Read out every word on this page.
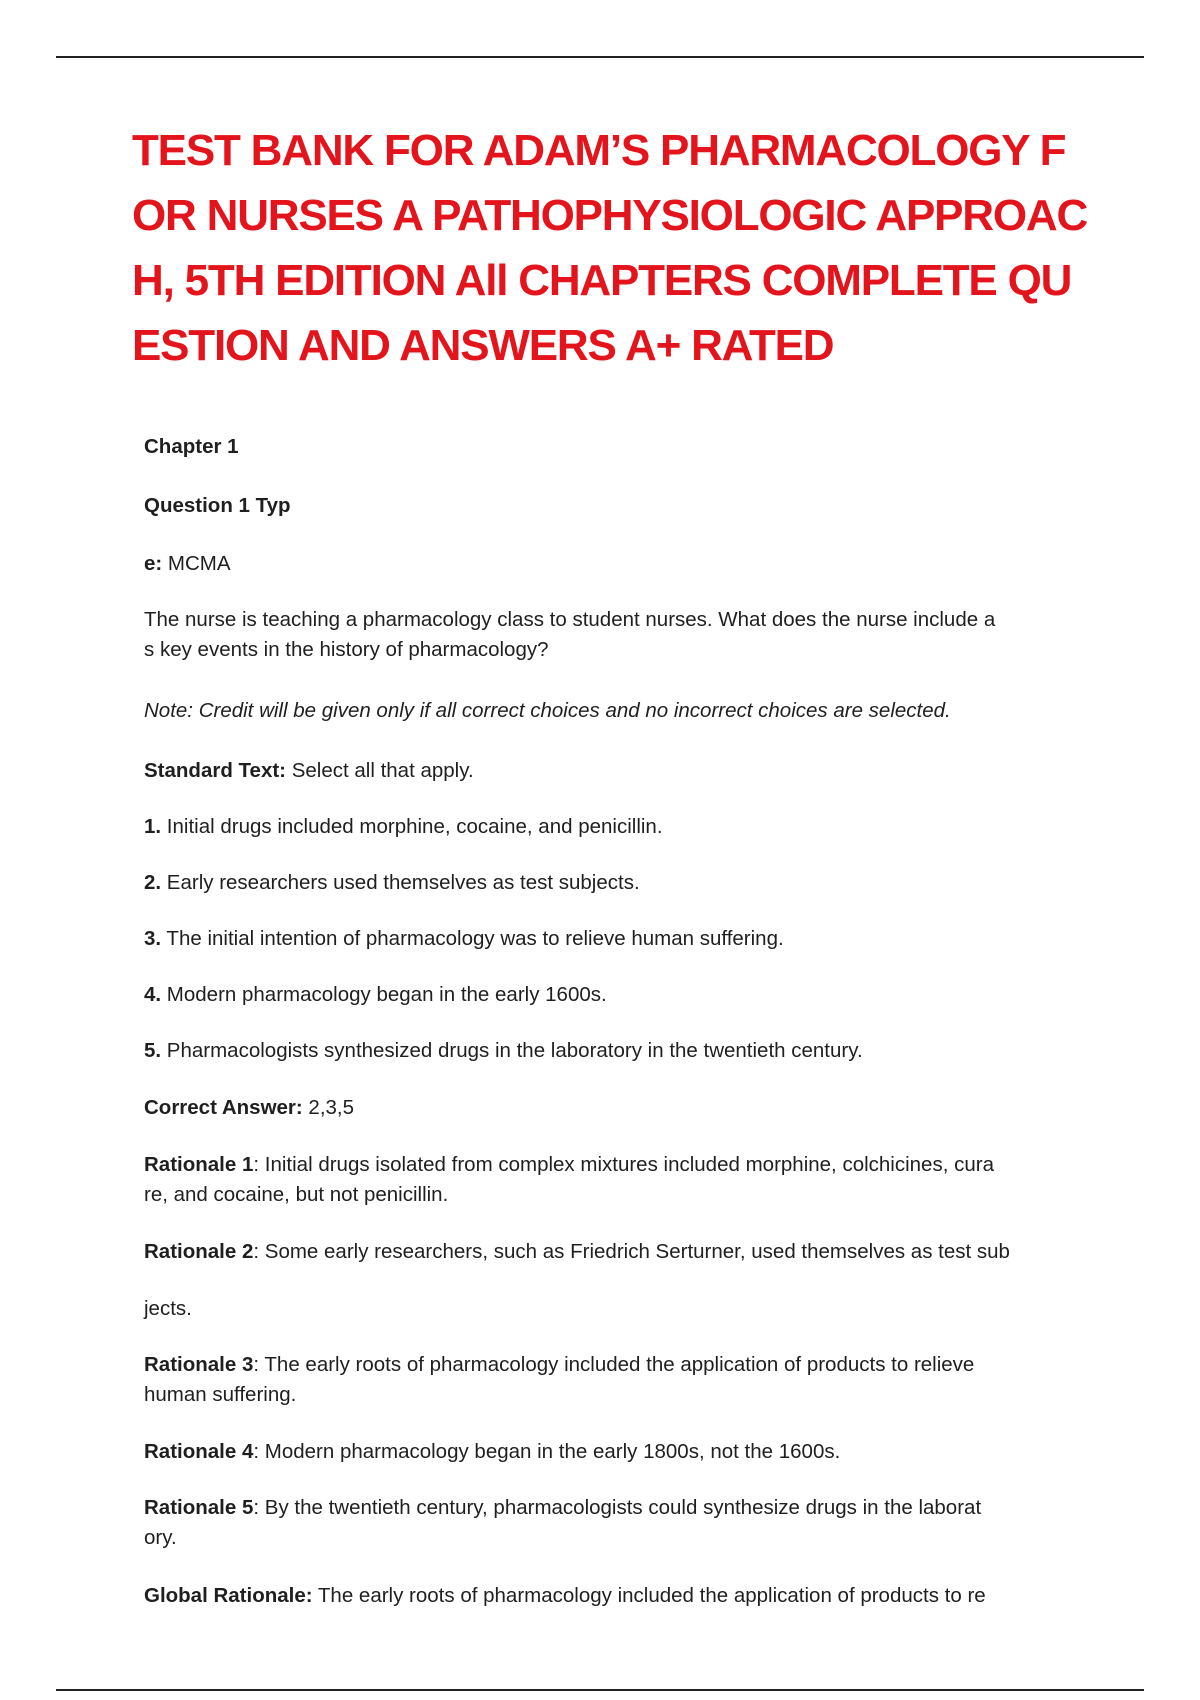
TEST BANK FOR ADAM’S PHARMACOLOGY F
OR NURSES A PATHOPHYSIOLOGIC APPROAC
H, 5TH EDITION All CHAPTERS COMPLETE QU
ESTION AND ANSWERS A+ RATED
Chapter 1
Question 1 Typ
e: MCMA
The nurse is teaching a pharmacology class to student nurses. What does the nurse include a
s key events in the history of pharmacology?
Note: Credit will be given only if all correct choices and no incorrect choices are selected.
Standard Text: Select all that apply.
1. Initial drugs included morphine, cocaine, and penicillin.
2. Early researchers used themselves as test subjects.
3. The initial intention of pharmacology was to relieve human suffering.
4. Modern pharmacology began in the early 1600s.
5. Pharmacologists synthesized drugs in the laboratory in the twentieth century.
Correct Answer: 2,3,5
Rationale 1: Initial drugs isolated from complex mixtures included morphine, colchicines, cura
re, and cocaine, but not penicillin.
Rationale 2: Some early researchers, such as Friedrich Serturner, used themselves as test sub
jects.
Rationale 3: The early roots of pharmacology included the application of products to relieve
human suffering.
Rationale 4: Modern pharmacology began in the early 1800s, not the 1600s.
Rationale 5: By the twentieth century, pharmacologists could synthesize drugs in the laborat
ory.
Global Rationale: The early roots of pharmacology included the application of products to re
